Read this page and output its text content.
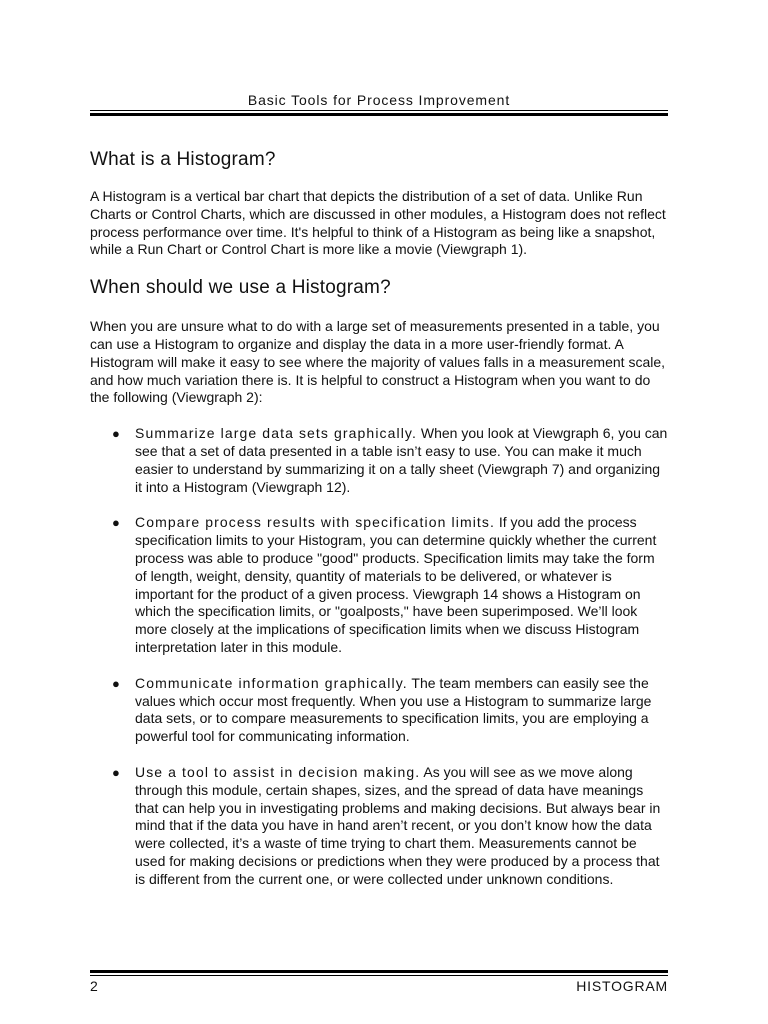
Basic Tools for Process Improvement
What is a Histogram?

A Histogram is a vertical bar chart that depicts the distribution of a set of data. Unlike Run Charts or Control Charts, which are discussed in other modules, a Histogram does not reflect process performance over time. It's helpful to think of a Histogram as being like a snapshot, while a Run Chart or Control Chart is more like a movie (Viewgraph 1).

When should we use a Histogram?

When you are unsure what to do with a large set of measurements presented in a table, you can use a Histogram to organize and display the data in a more user-friendly format. A Histogram will make it easy to see where the majority of values falls in a measurement scale, and how much variation there is. It is helpful to construct a Histogram when you want to do the following (Viewgraph 2):

● Summarize large data sets graphically. When you look at Viewgraph 6, you can see that a set of data presented in a table isn’t easy to use. You can make it much easier to understand by summarizing it on a tally sheet (Viewgraph 7) and organizing it into a Histogram (Viewgraph 12).
● Compare process results with specification limits. If you add the process specification limits to your Histogram, you can determine quickly whether the current process was able to produce "good" products. Specification limits may take the form of length, weight, density, quantity of materials to be delivered, or whatever is important for the product of a given process. Viewgraph 14 shows a Histogram on which the specification limits, or "goalposts," have been superimposed. We’ll look more closely at the implications of specification limits when we discuss Histogram interpretation later in this module.
● Communicate information graphically. The team members can easily see the values which occur most frequently. When you use a Histogram to summarize large data sets, or to compare measurements to specification limits, you are employing a powerful tool for communicating information.
● Use a tool to assist in decision making. As you will see as we move along through this module, certain shapes, sizes, and the spread of data have meanings that can help you in investigating problems and making decisions. But always bear in mind that if the data you have in hand aren’t recent, or you don’t know how the data were collected, it’s a waste of time trying to chart them. Measurements cannot be used for making decisions or predictions when they were produced by a process that is different from the current one, or were collected under unknown conditions.
2	HISTOGRAM
